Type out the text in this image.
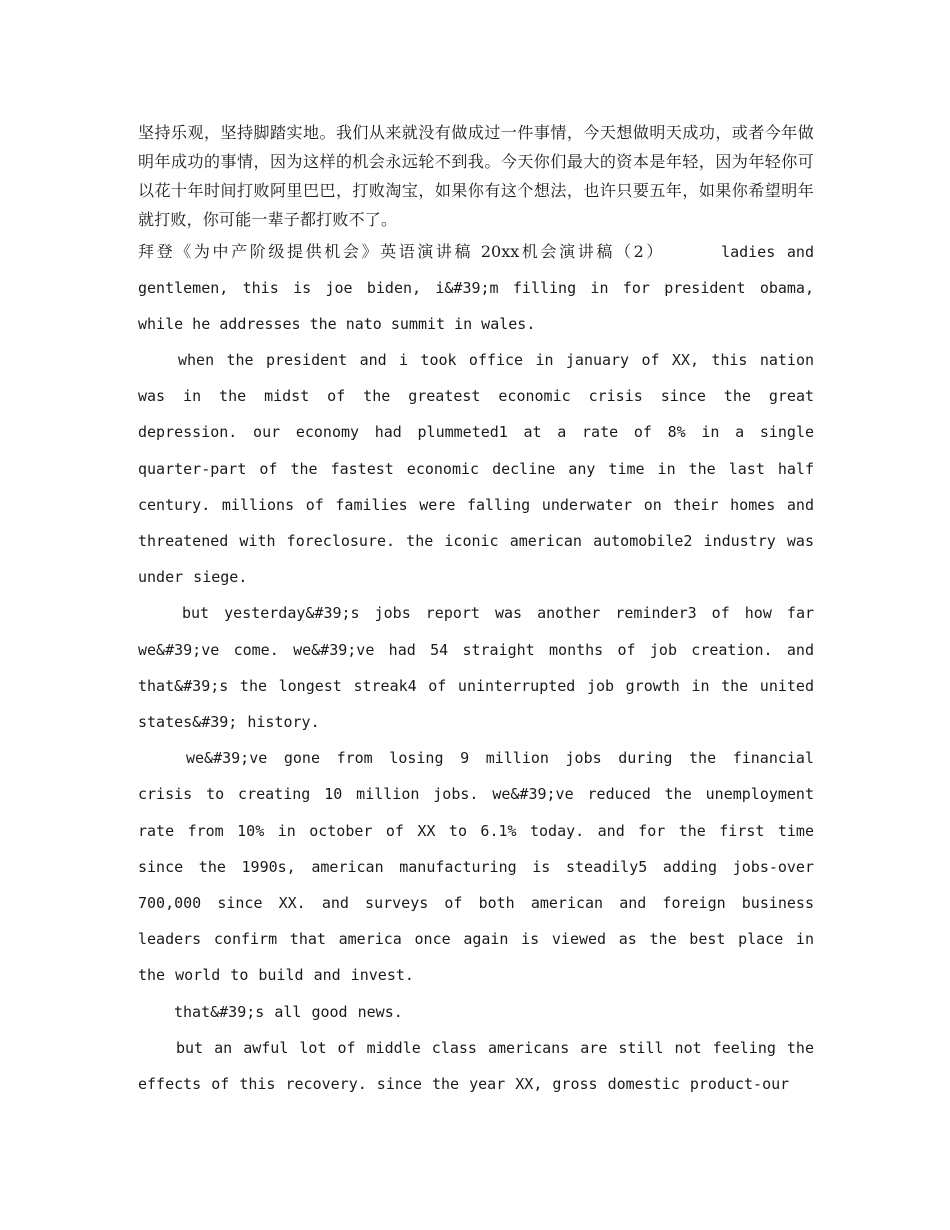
坚持乐观，坚持脚踏实地。我们从来就没有做成过一件事情，今天想做明天成功，或者今年做明年成功的事情，因为这样的机会永远轮不到我。今天你们最大的资本是年轻，因为年轻你可以花十年时间打败阿里巴巴，打败淘宝，如果你有这个想法，也许只要五年，如果你希望明年就打败，你可能一辈子都打败不了。

拜登《为中产阶级提供机会》英语演讲稿 20xx机会演讲稿（2）	ladies and gentlemen, this is joe biden, i&#39;m filling in for president obama, while he addresses the nato summit in wales.

when the president and i took office in january of XX, this nation was in the midst of the greatest economic crisis since the great depression. our economy had plummeted1 at a rate of 8% in a single quarter-part of the fastest economic decline any time in the last half century. millions of families were falling underwater on their homes and threatened with foreclosure. the iconic american automobile2 industry was under siege.

but yesterday&#39;s jobs report was another reminder3 of how far we&#39;ve come. we&#39;ve had 54 straight months of job creation. and that&#39;s the longest streak4 of uninterrupted job growth in the united states&#39; history.

we&#39;ve gone from losing 9 million jobs during the financial crisis to creating 10 million jobs. we&#39;ve reduced the unemployment rate from 10% in october of XX to 6.1% today. and for the first time since the 1990s, american manufacturing is steadily5 adding jobs-over 700,000 since XX. and surveys of both american and foreign business leaders confirm that america once again is viewed as the best place in the world to build and invest.

that&#39;s all good news.

but an awful lot of middle class americans are still not feeling the effects of this recovery. since the year XX, gross domestic product-our
